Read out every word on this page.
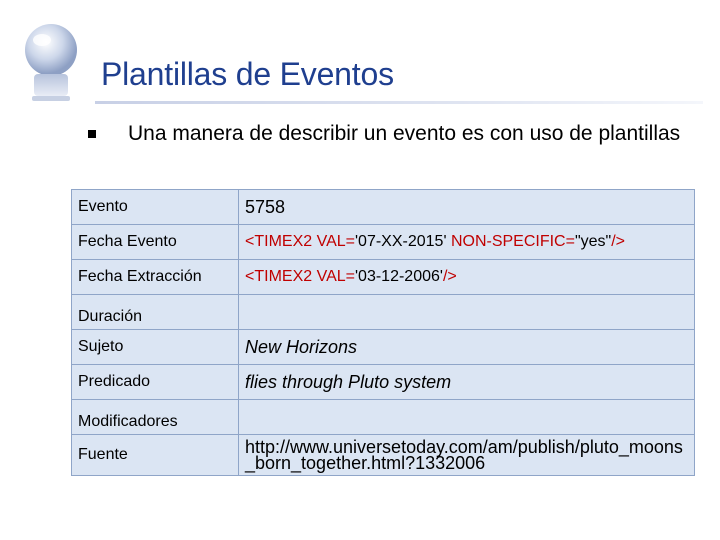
Plantillas de Eventos
Una manera de describir un evento es con uso de plantillas
Evento	5758
Fecha Evento	<TIMEX2 VAL='07-XX-2015' NON-SPECIFIC="yes"/>
Fecha Extracción	<TIMEX2 VAL='03-12-2006'/>
Duración	
Sujeto	New Horizons
Predicado	flies through Pluto system
Modificadores	
Fuente	http://www.universetoday.com/am/publish/pluto_moons_born_together.html?1332006
